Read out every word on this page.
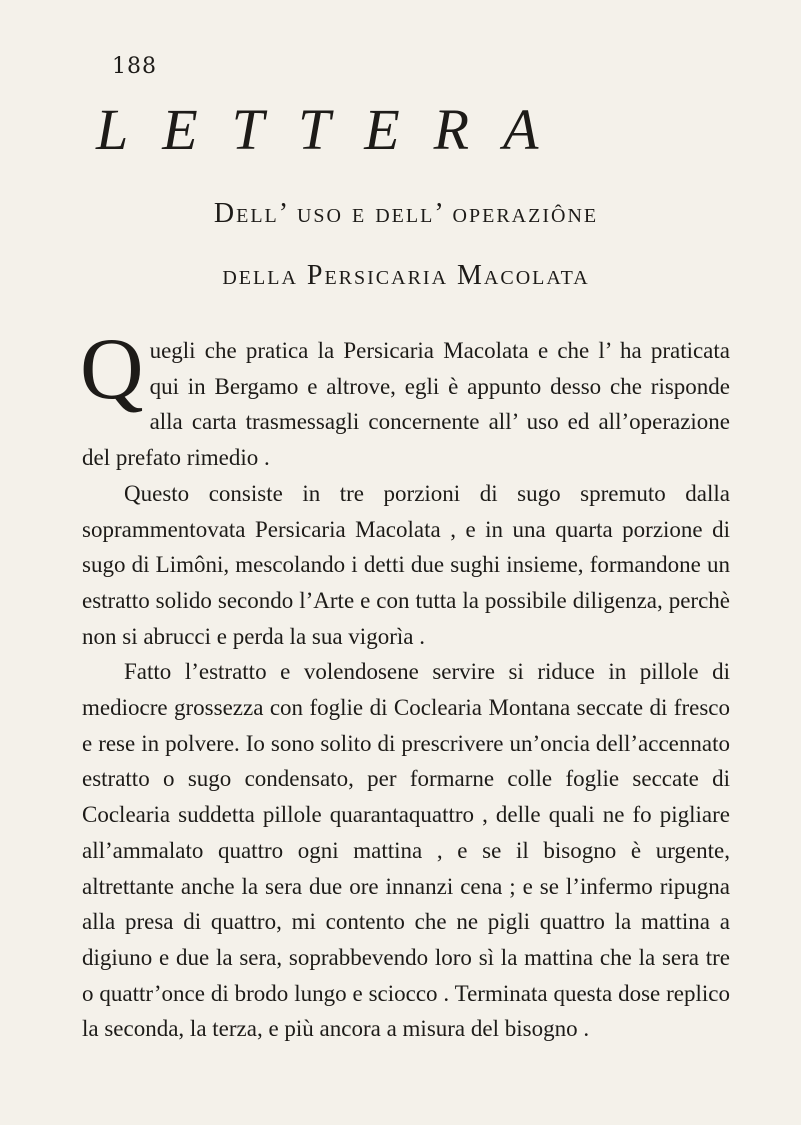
188
LETTERA
Dell’ uso e dell’ operaziône
della Persicaria Macolata

Quegli che pratica la Persicaria Macolata e che l’ ha praticata qui in Bergamo e altrove, egli è appunto desso che risponde alla carta trasmessagli concernente all’ uso ed all’operazione del prefato rimedio .

Questo consiste in tre porzioni di sugo spremuto dalla soprammentovata Persicaria Macolata , e in una quarta porzione di sugo di Limôni, mescolando i detti due sughi insieme, formandone un estratto solido secondo l’Arte e con tutta la possibile diligenza, perchè non si abrucci e perda la sua vigorìa .

Fatto l’estratto e volendosene servire si riduce in pillole di mediocre grossezza con foglie di Coclearia Montana seccate di fresco e rese in polvere. Io sono solito di prescrivere un’oncia dell’accennato estratto o sugo condensato, per formarne colle foglie seccate di Coclearia suddetta pillole quarantaquattro , delle quali ne fo pigliare all’ammalato quattro ogni mattina , e se il bisogno è urgente, altrettante anche la sera due ore innanzi cena ; e se l’infermo ripugna alla presa di quattro, mi contento che ne pigli quattro la mattina a digiuno e due la sera, soprabbevendo loro sì la mattina che la sera tre o quattr’once di brodo lungo e sciocco . Terminata questa dose replico la seconda, la terza, e più ancora a misura del bisogno .
